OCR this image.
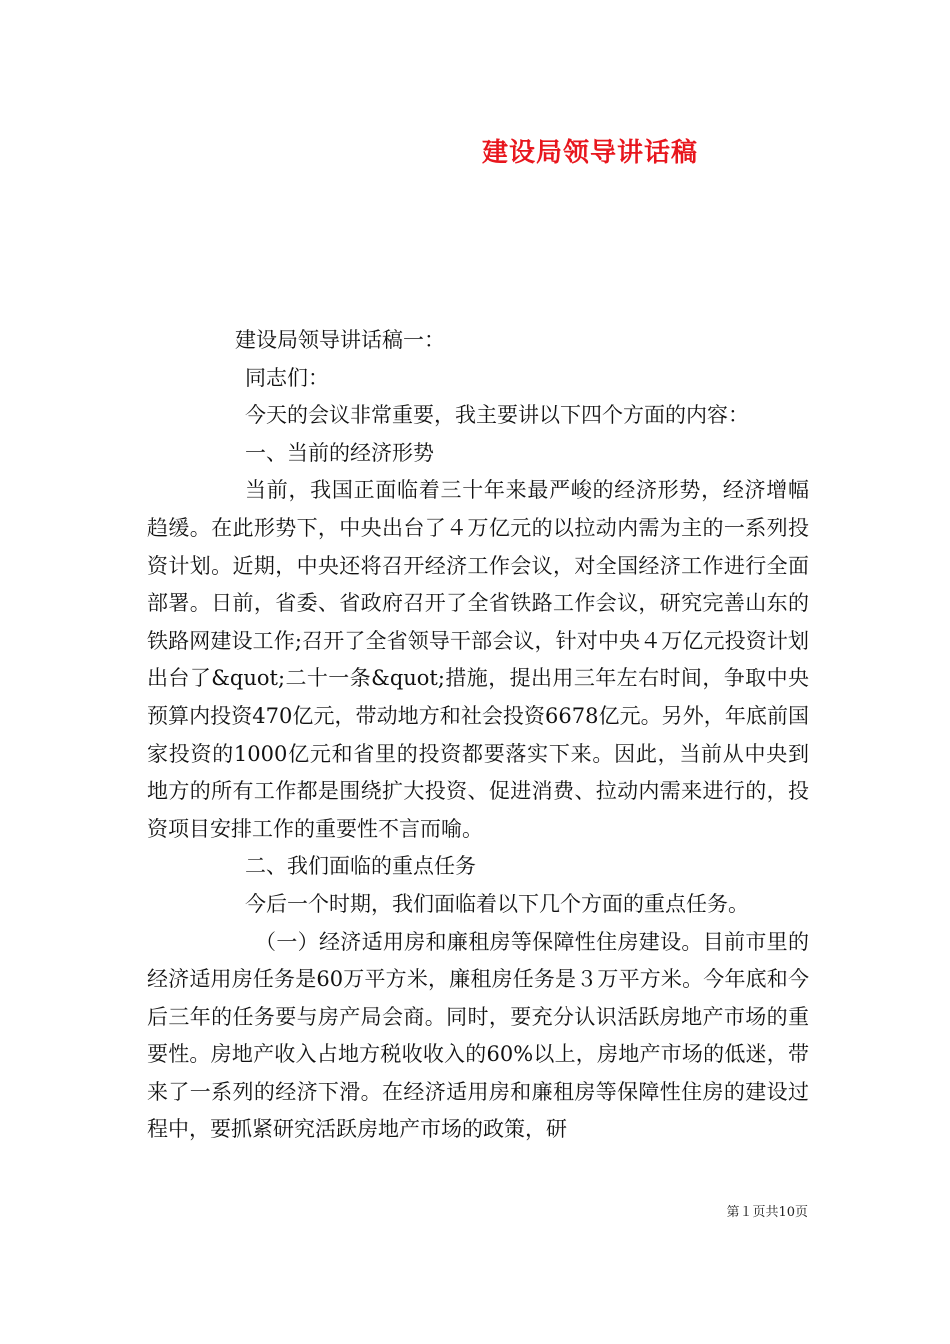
建设局领导讲话稿

建设局领导讲话稿一：

同志们：

今天的会议非常重要，我主要讲以下四个方面的内容：

一、当前的经济形势

当前，我国正面临着三十年来最严峻的经济形势，经济增幅趋缓。在此形势下，中央出台了４万亿元的以拉动内需为主的一系列投资计划。近期，中央还将召开经济工作会议，对全国经济工作进行全面部署。日前，省委、省政府召开了全省铁路工作会议，研究完善山东的铁路网建设工作;召开了全省领导干部会议，针对中央４万亿元投资计划出台了&quot;二十一条&quot;措施，提出用三年左右时间，争取中央预算内投资470亿元，带动地方和社会投资6678亿元。另外，年底前国家投资的1000亿元和省里的投资都要落实下来。因此，当前从中央到地方的所有工作都是围绕扩大投资、促进消费、拉动内需来进行的，投资项目安排工作的重要性不言而喻。

二、我们面临的重点任务

今后一个时期，我们面临着以下几个方面的重点任务。

（一）经济适用房和廉租房等保障性住房建设。目前市里的经济适用房任务是60万平方米，廉租房任务是３万平方米。今年底和今后三年的任务要与房产局会商。同时，要充分认识活跃房地产市场的重要性。房地产收入占地方税收收入的60%以上，房地产市场的低迷，带来了一系列的经济下滑。在经济适用房和廉租房等保障性住房的建设过程中，要抓紧研究活跃房地产市场的政策，研

第１页共10页
